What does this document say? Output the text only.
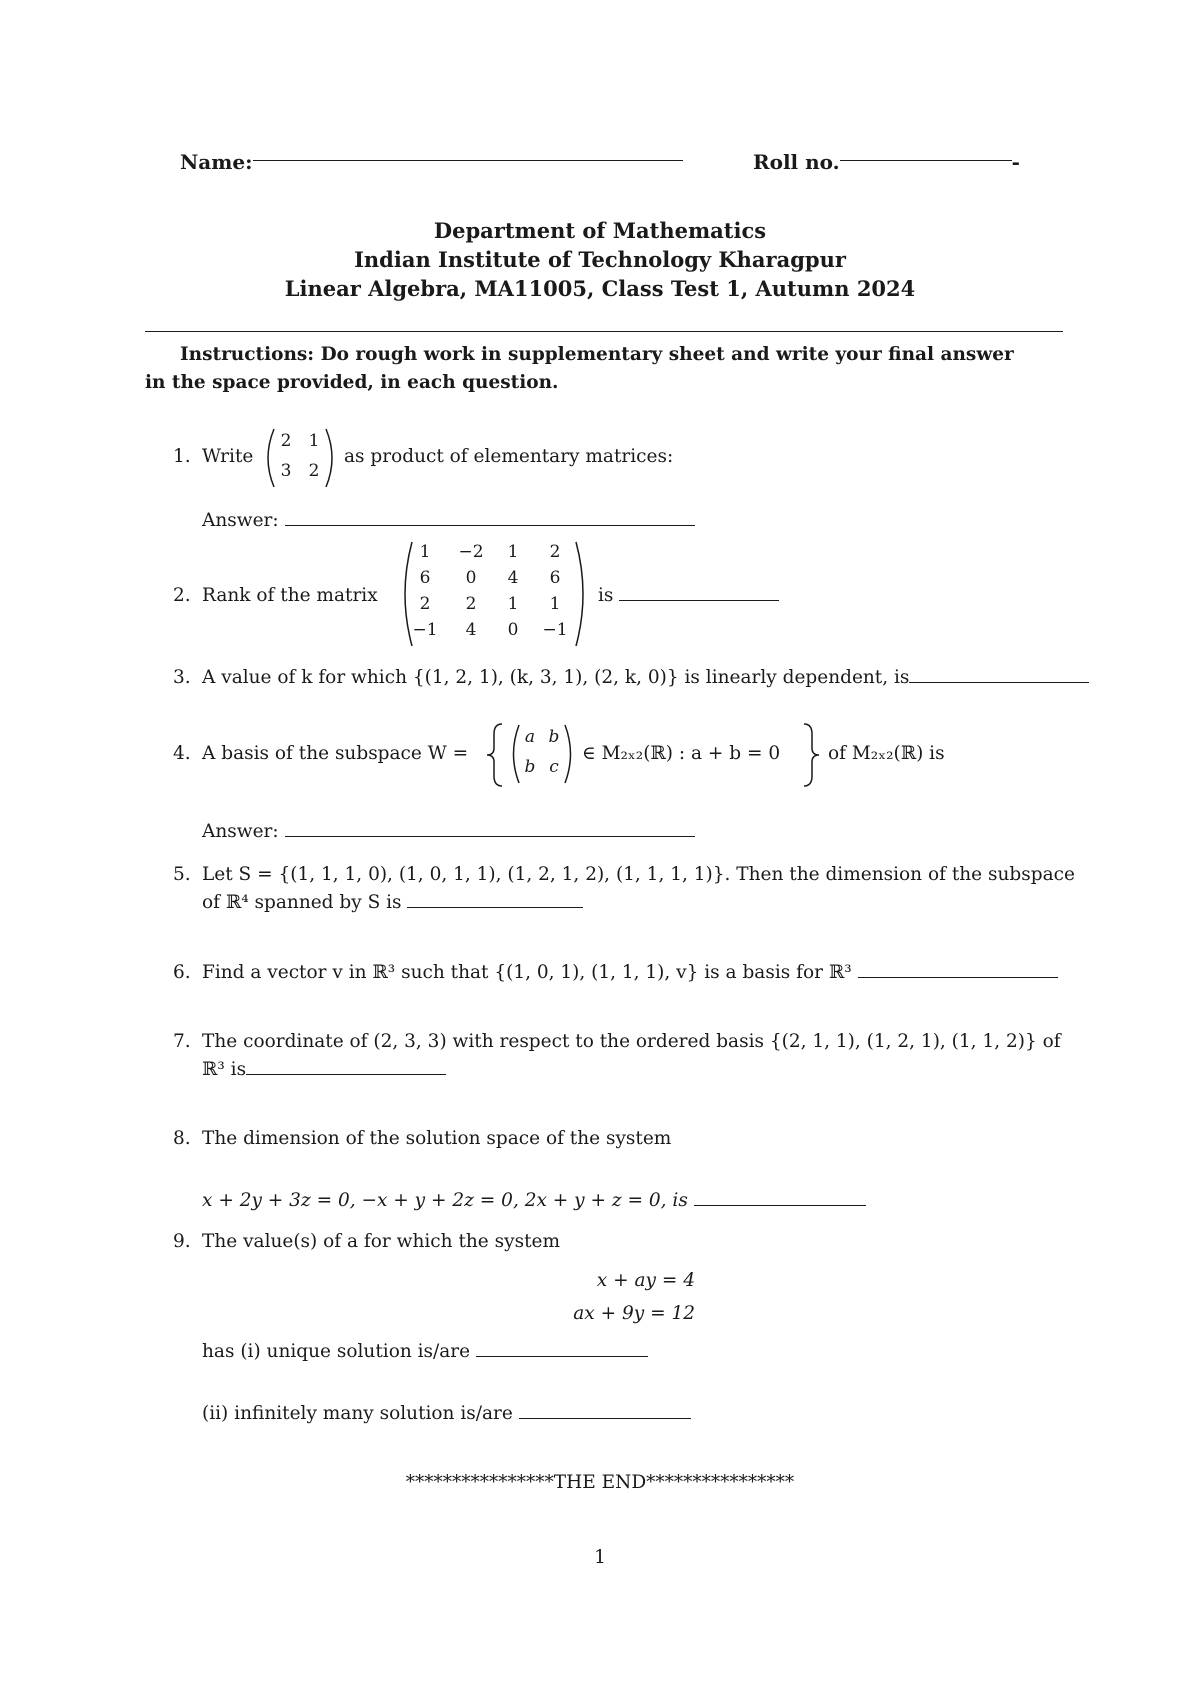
Name:	Roll no.	-
Department of Mathematics
Indian Institute of Technology Kharagpur
Linear Algebra, MA11005, Class Test 1, Autumn 2024
Instructions: Do rough work in supplementary sheet and write your final answer
in the space provided, in each question.
1. Write
2 1
3 2
as product of elementary matrices:
Answer:
2. Rank of the matrix
1	−2	1	2
6	0	4	6
2	2	1	1
−1	4	0	−1
is
3. A value of k for which {(1, 2, 1), (k, 3, 1), (2, k, 0)} is linearly dependent, is
4. A basis of the subspace W =
a b
b c
∈ M₂ₓ₂(ℝ) : a + b = 0	of M₂ₓ₂(ℝ) is
Answer:
5. Let S = {(1, 1, 1, 0), (1, 0, 1, 1), (1, 2, 1, 2), (1, 1, 1, 1)}. Then the dimension of the subspace
of ℝ⁴ spanned by S is
6. Find a vector v in ℝ³ such that {(1, 0, 1), (1, 1, 1), v} is a basis for ℝ³
7. The coordinate of (2, 3, 3) with respect to the ordered basis {(2, 1, 1), (1, 2, 1), (1, 1, 2)} of
ℝ³ is
8. The dimension of the solution space of the system
x + 2y + 3z = 0, −x + y + 2z = 0, 2x + y + z = 0, is
9. The value(s) of a for which the system
x + ay = 4
ax + 9y = 12
has (i) unique solution is/are
(ii) infinitely many solution is/are
****************THE END****************
1
